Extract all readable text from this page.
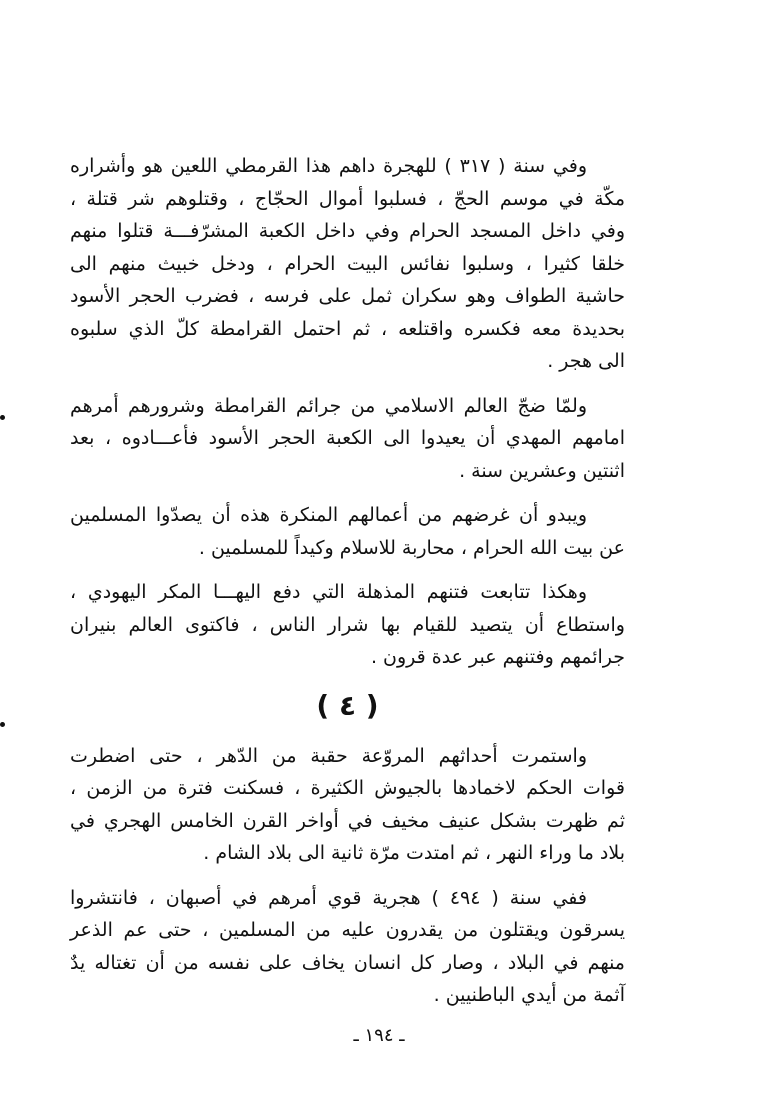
وفي سنة ( ٣١٧ ) للهجرة داهم هذا القرمطي اللعين هو وأشراره
مكّة في موسم الحجّ ، فسلبوا أموال الحجّاج ، وقتلوهم شر قتلة ،
وفي داخل المسجد الحرام وفي داخل الكعبة المشرّفـــة قتلوا منهم
خلقا كثيرا ، وسلبوا نفائس البيت الحرام ، ودخل خبيث منهم الى
حاشية الطواف وهو سكران ثمل على فرسه ، فضرب الحجر الأسود
بحديدة معه فكسره واقتلعه ، ثم احتمل القرامطة كلّ الذي سلبوه
الى هجر .

ولمّا ضجّ العالم الاسلامي من جرائم القرامطة وشرورهم أمرهم
امامهم المهدي أن يعيدوا الى الكعبة الحجر الأسود فأعـــادوه ، بعد
اثنتين وعشرين سنة .

ويبدو أن غرضهم من أعمالهم المنكرة هذه أن يصدّوا المسلمين
عن بيت الله الحرام ، محاربة للاسلام وكيداً للمسلمين .

وهكذا تتابعت فتنهم المذهلة التي دفع اليهـــا المكر اليهودي ،
واستطاع أن يتصيد للقيام بها شرار الناس ، فاكتوى العالم بنيران
جرائمهم وفتنهم عبر عدة قرون .

( ٤ )

واستمرت أحداثهم المروّعة حقبة من الدّهر ، حتى اضطرت
قوات الحكم لاخمادها بالجيوش الكثيرة ، فسكنت فترة من الزمن ،
ثم ظهرت بشكل عنيف مخيف في أواخر القرن الخامس الهجري في
بلاد ما وراء النهر ، ثم امتدت مرّة ثانية الى بلاد الشام .

ففي سنة ( ٤٩٤ ) هجرية قوي أمرهم في أصبهان ، فانتشروا
يسرقون ويقتلون من يقدرون عليه من المسلمين ، حتى عم الذعر
منهم في البلاد ، وصار كل انسان يخاف على نفسه من أن تغتاله يدٌ
آثمة من أيدي الباطنيين .

ـ ١٩٤ ـ
